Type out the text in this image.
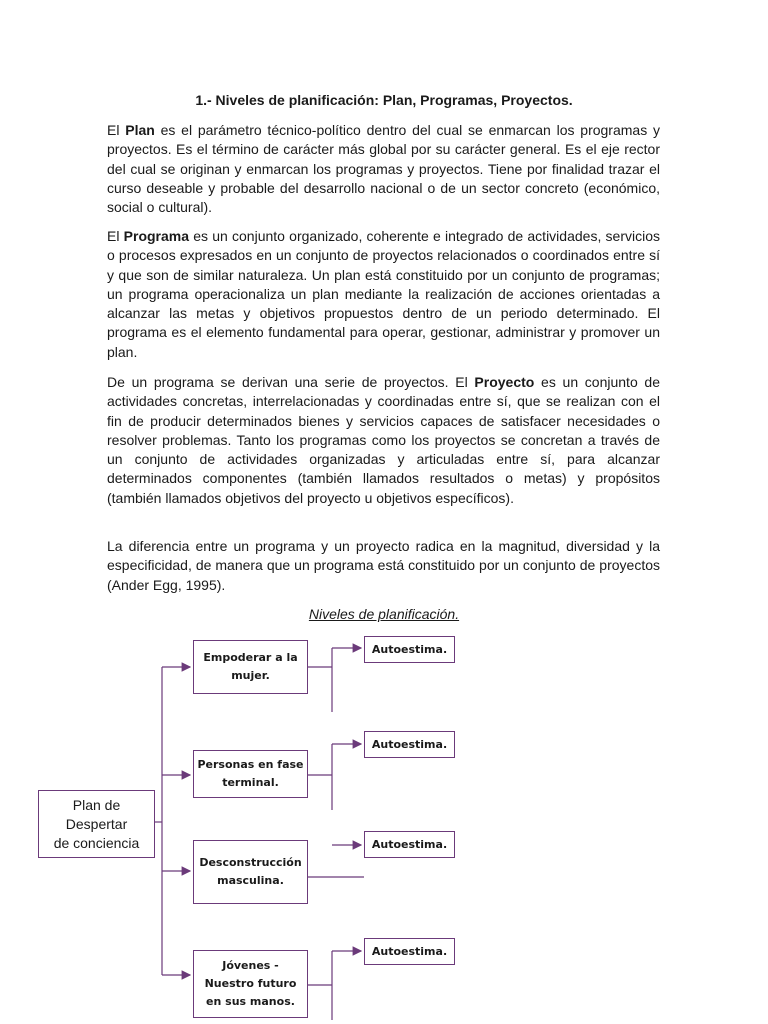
1.- Niveles de planificación: Plan, Programas, Proyectos.

El Plan es el parámetro técnico-político dentro del cual se enmarcan los programas y proyectos. Es el término de carácter más global por su carácter general. Es el eje rector del cual se originan y enmarcan los programas y proyectos. Tiene por finalidad trazar el curso deseable y probable del desarrollo nacional o de un sector concreto (económico, social o cultural).

El Programa es un conjunto organizado, coherente e integrado de actividades, servicios o procesos expresados en un conjunto de proyectos relacionados o coordinados entre sí y que son de similar naturaleza. Un plan está constituido por un conjunto de programas; un programa operacionaliza un plan mediante la realización de acciones orientadas a alcanzar las metas y objetivos propuestos dentro de un periodo determinado. El programa es el elemento fundamental para operar, gestionar, administrar y promover un plan.

De un programa se derivan una serie de proyectos. El Proyecto es un conjunto de actividades concretas, interrelacionadas y coordinadas entre sí, que se realizan con el fin de producir determinados bienes y servicios capaces de satisfacer necesidades o resolver problemas. Tanto los programas como los proyectos se concretan a través de un conjunto de actividades organizadas y articuladas entre sí, para alcanzar determinados componentes (también llamados resultados o metas) y propósitos (también llamados objetivos del proyecto u objetivos específicos).

La diferencia entre un programa y un proyecto radica en la magnitud, diversidad y la especificidad, de manera que un programa está constituido por un conjunto de proyectos (Ander Egg, 1995).

Niveles de planificación.
Plan de
Despertar
de conciencia
Empoderar a la
mujer.
Personas en fase
terminal.
Desconstrucción
masculina.
Jóvenes -
Nuestro futuro
en sus manos.
Autoestima.
Autoestima.
Autoestima.
Autoestima.
